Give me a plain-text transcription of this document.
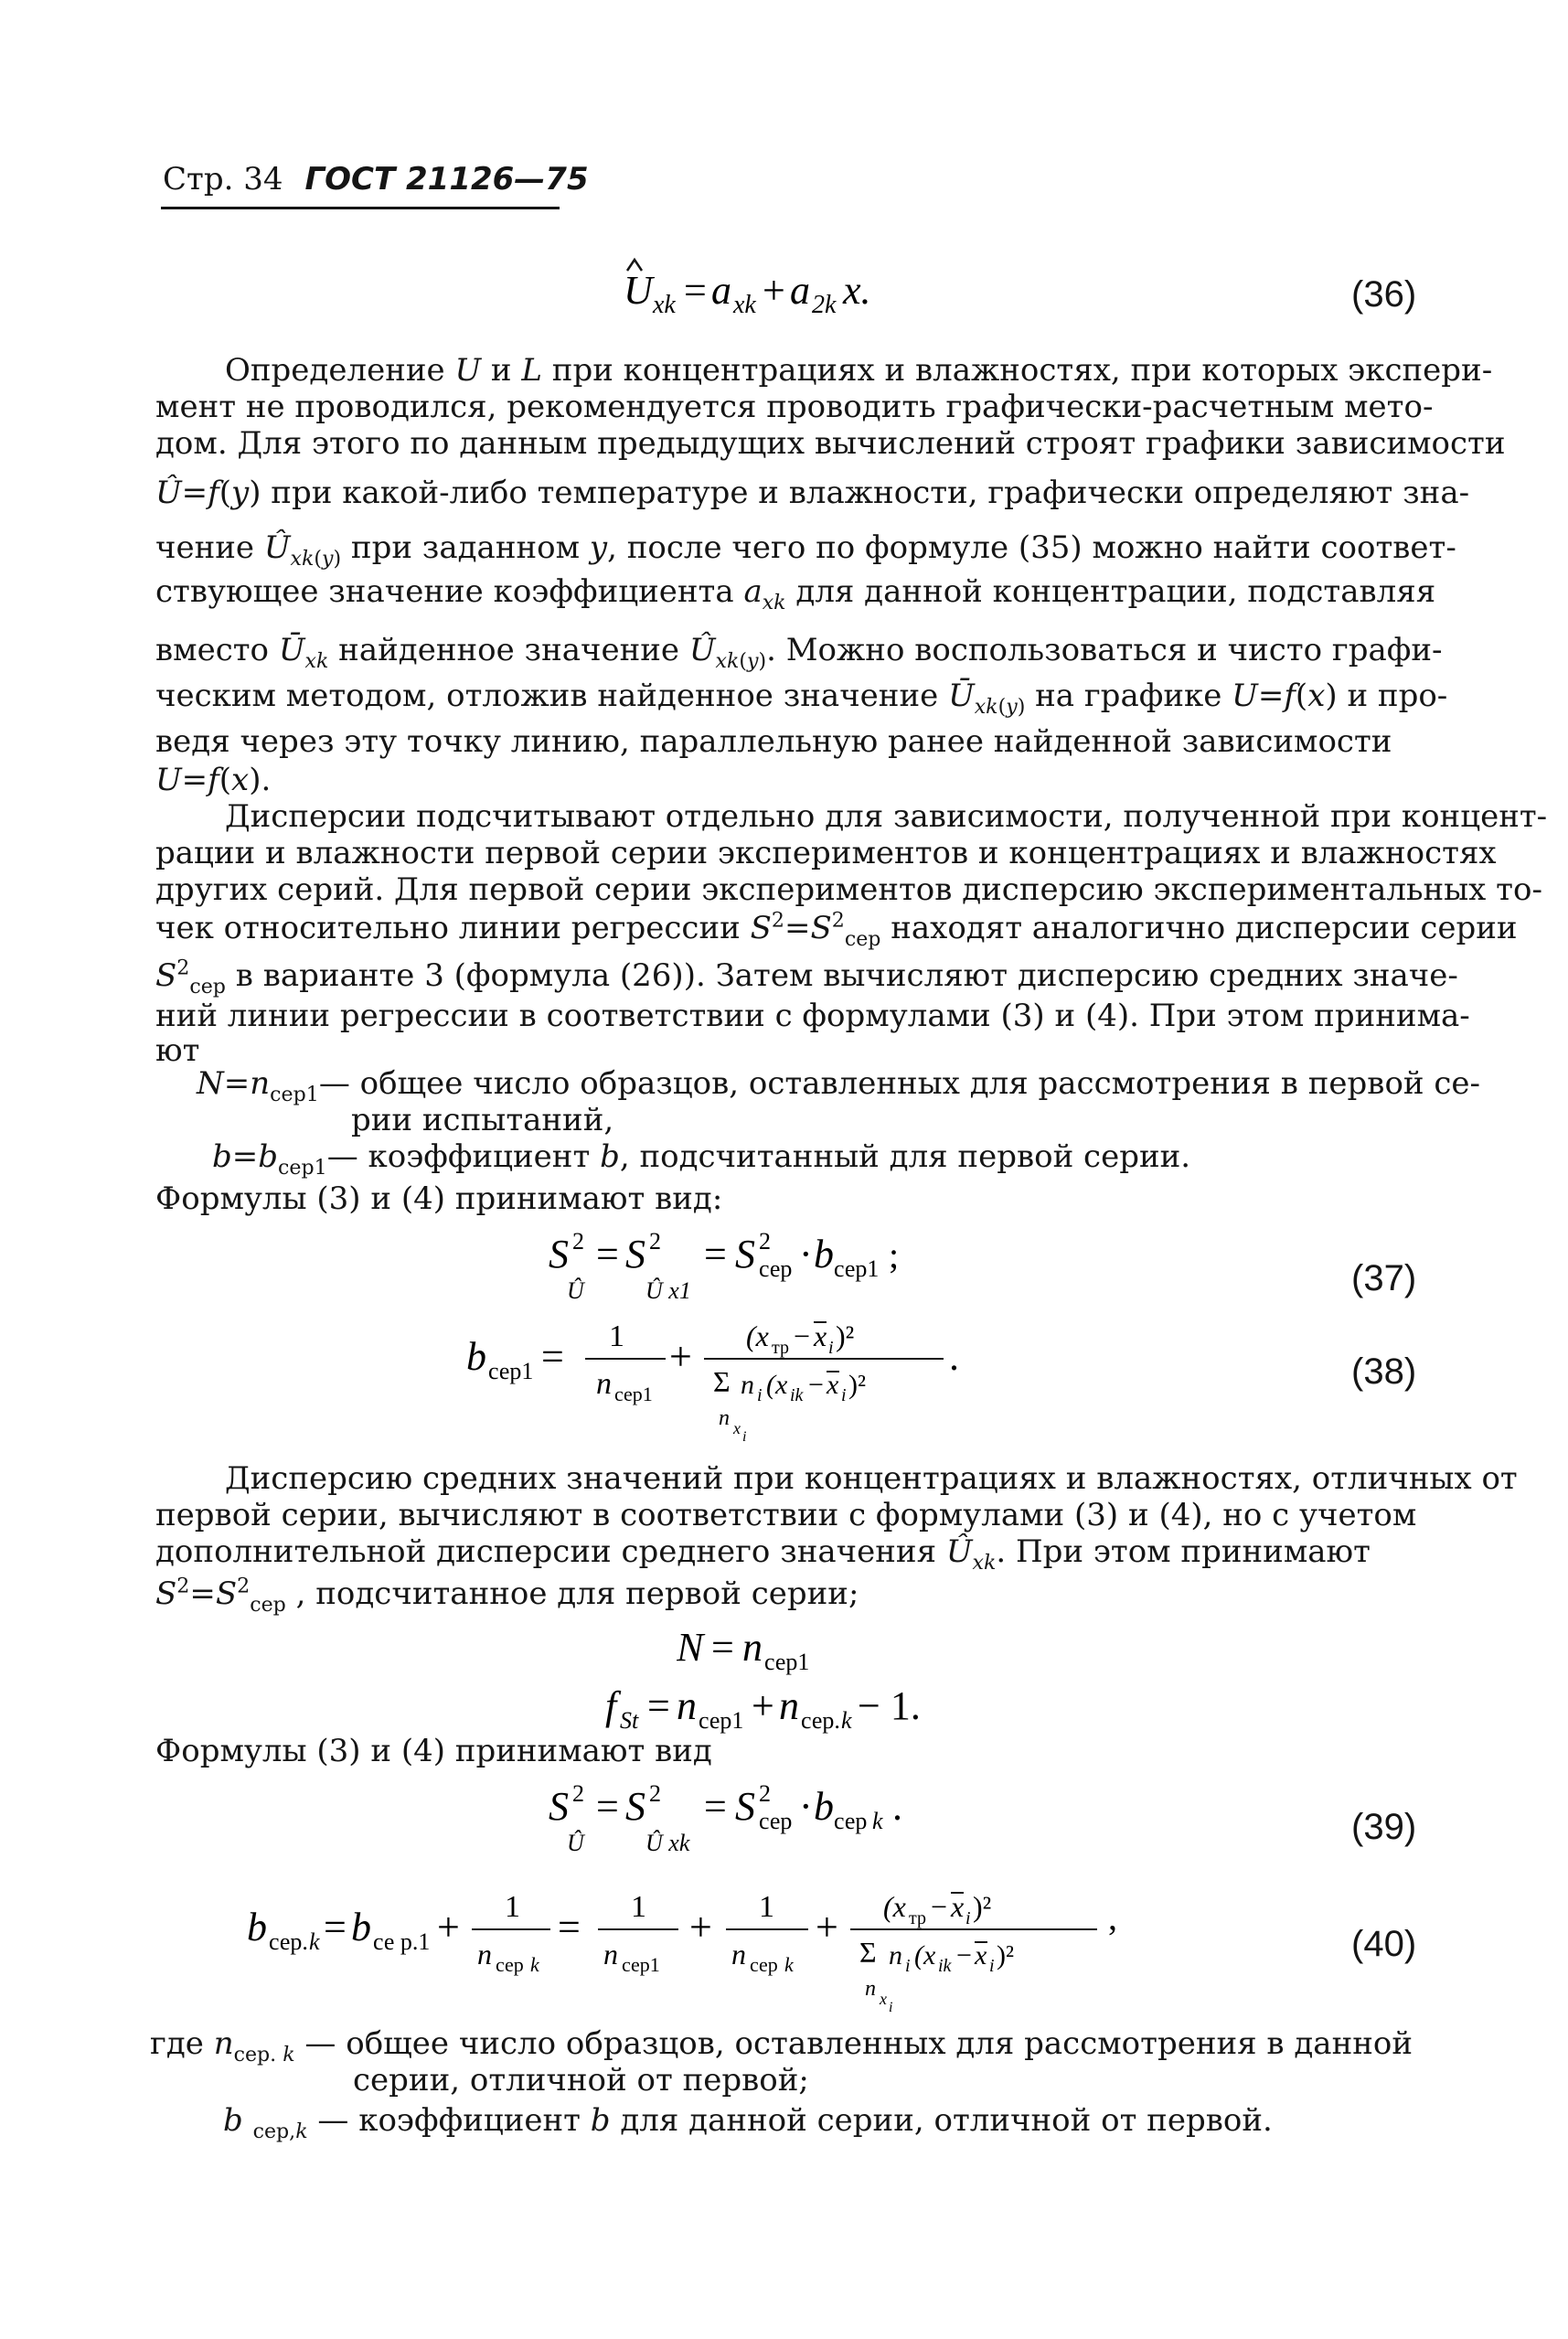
Стр. 34 ГОСТ 21126—75
U xk = a xk + a 2k x.	(36)

Определение U и L при концентрациях и влажностях, при которых экспери-

мент не проводился, рекомендуется проводить графически-расчетным мето-

дом. Для этого по данным предыдущих вычислений строят графики зависимости

Û=f(y) при какой-либо температуре и влажности, графически определяют зна-

чение $Û_{xk(y)}$ при заданном y, после чего по формуле (35) можно найти соответ-

ствующее значение коэффициента $a_{xk}$ для данной концентрации, подставляя

вместо $Ū_{xk}$ найденное значение $Û_{xk(y)}$. Можно воспользоваться и чисто графи-

ческим методом, отложив найденное значение $Ū_{xk(y)}$ на графике U=f(x) и про-

ведя через эту точку линию, параллельную ранее найденной зависимости

U=f(x).

Дисперсии подсчитывают отдельно для зависимости, полученной при концент-

рации и влажности первой серии экспериментов и концентрациях и влажностях

других серий. Для первой серии экспериментов дисперсию экспериментальных то-

чек относительно линии регрессии $S^2=S^2_{сер}$ находят аналогично дисперсии серии

$S^2_{сер}$ в варианте 3 (формула (26)). Затем вычисляют дисперсию средних значе-

ний линии регрессии в соответствии с формулами (3) и (4). При этом принима-

ют

$N=n_{сер1}—$ общее число образцов, оставленных для рассмотрения в первой се-

рии испытаний,

$b=b_{сер1}—$ коэффициент b, подсчитанный для первой серии.

Формулы (3) и (4) принимают вид:

S 2
Û
= S 2
Û x1
= S 2
сер · b сер1 ;
(37)
b сер1 = 1
n сер1
+ (x тр − x i )²
Σ n i (x ik − x i )²
.
n x i
(38)

Дисперсию средних значений при концентрациях и влажностях, отличных от

первой серии, вычисляют в соответствии с формулами (3) и (4), но с учетом

дополнительной дисперсии среднего значения $Û_{xk}$. При этом принимают

$S^2=S^2_{сер}$ , подсчитанное для первой серии;

N = n сер1
f St = n сер1 + n сер. k − 1.

Формулы (3) и (4) принимают вид

S 2
Û
= S 2
Û xk
= S 2
сер · b сер k .	(39)
b сер. k = b се р.1 + 1
n сер k
= 1
n сер1
+ 1
n сер k
+ (x тр − x i )²
Σ n i (x ik − x i )²
,
n x i
(40)

где $n_{сер. k}$ — общее число образцов, оставленных для рассмотрения в данной

серии, отличной от первой;

b $_{сер,k}$ — коэффициент b для данной серии, отличной от первой.
